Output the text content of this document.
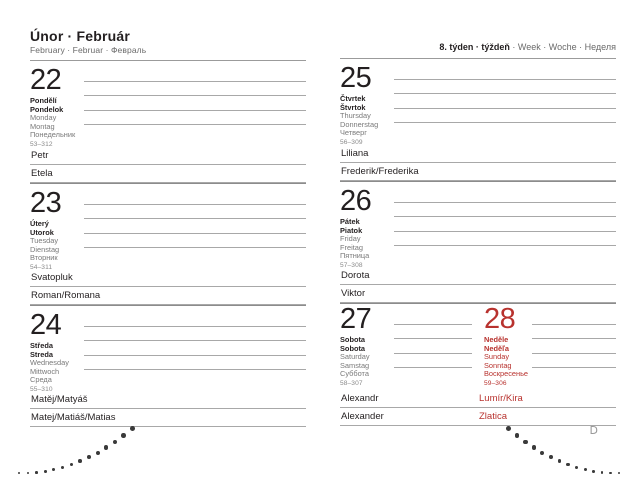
Únor · Február
February · Februar · Февраль
22
Pondělí
Pondelok
Monday
Montag
Понедельник
53–312
Petr
Etela
23
Úterý
Utorok
Tuesday
Dienstag
Вторник
54–311
Svatopluk
Roman/Romana
24
Středa
Streda
Wednesday
Mittwoch
Среда
55–310
Matěj/Matyáš
Matej/Matiáš/Matias
8. týden · týždeň · Week · Woche · Неделя
25
Čtvrtek
Štvrtok
Thursday
Donnerstag
Четверг
56–309
Liliana
Frederik/Frederika
26
Pátek
Piatok
Friday
Freitag
Пятница
57–308
Dorota
Viktor
27
Sobota
Sobota
Saturday
Samstag
Суббота
58–307
Alexandr
Alexander
28
Neděle
Neděľa
Sunday
Sonntag
Воскресенье
59–306
Lumír/Kira
Zlatica
Ⅾ
